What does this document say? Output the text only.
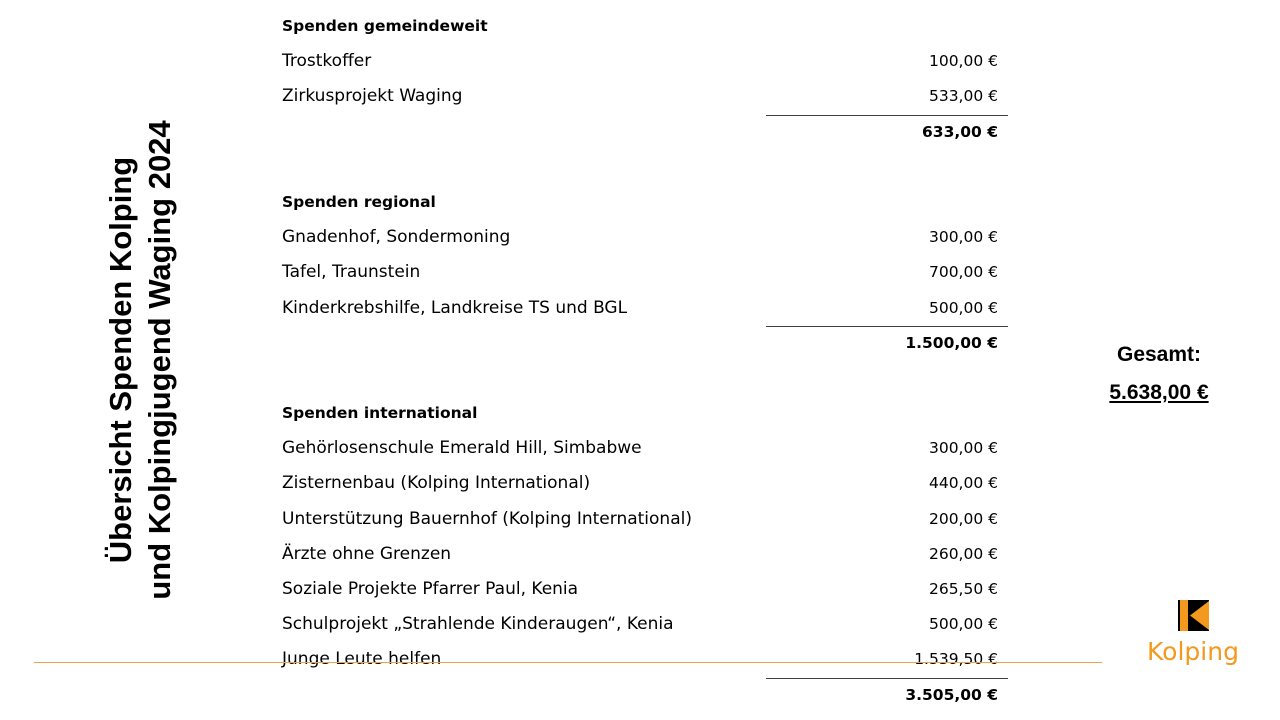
Übersicht Spenden Kolping und Kolpingjugend Waging 2024
Spenden gemeindeweit
Trostkoffer	100,00 €
Zirkusprojekt Waging	533,00 €
633,00 €
Spenden regional
Gnadenhof, Sondermoning	300,00 €
Tafel, Traunstein	700,00 €
Kinderkrebshilfe, Landkreise TS und BGL	500,00 €
1.500,00 €
Spenden international
Gehörlosenschule Emerald Hill, Simbabwe	300,00 €
Zisternenbau (Kolping International)	440,00 €
Unterstützung Bauernhof (Kolping International)	200,00 €
Ärzte ohne Grenzen	260,00 €
Soziale Projekte Pfarrer Paul, Kenia	265,50 €
Schulprojekt „Strahlende Kinderaugen“, Kenia	500,00 €
Junge Leute helfen	1.539,50 €
3.505,00 €
Gesamt:
5.638,00 €
Kolping
